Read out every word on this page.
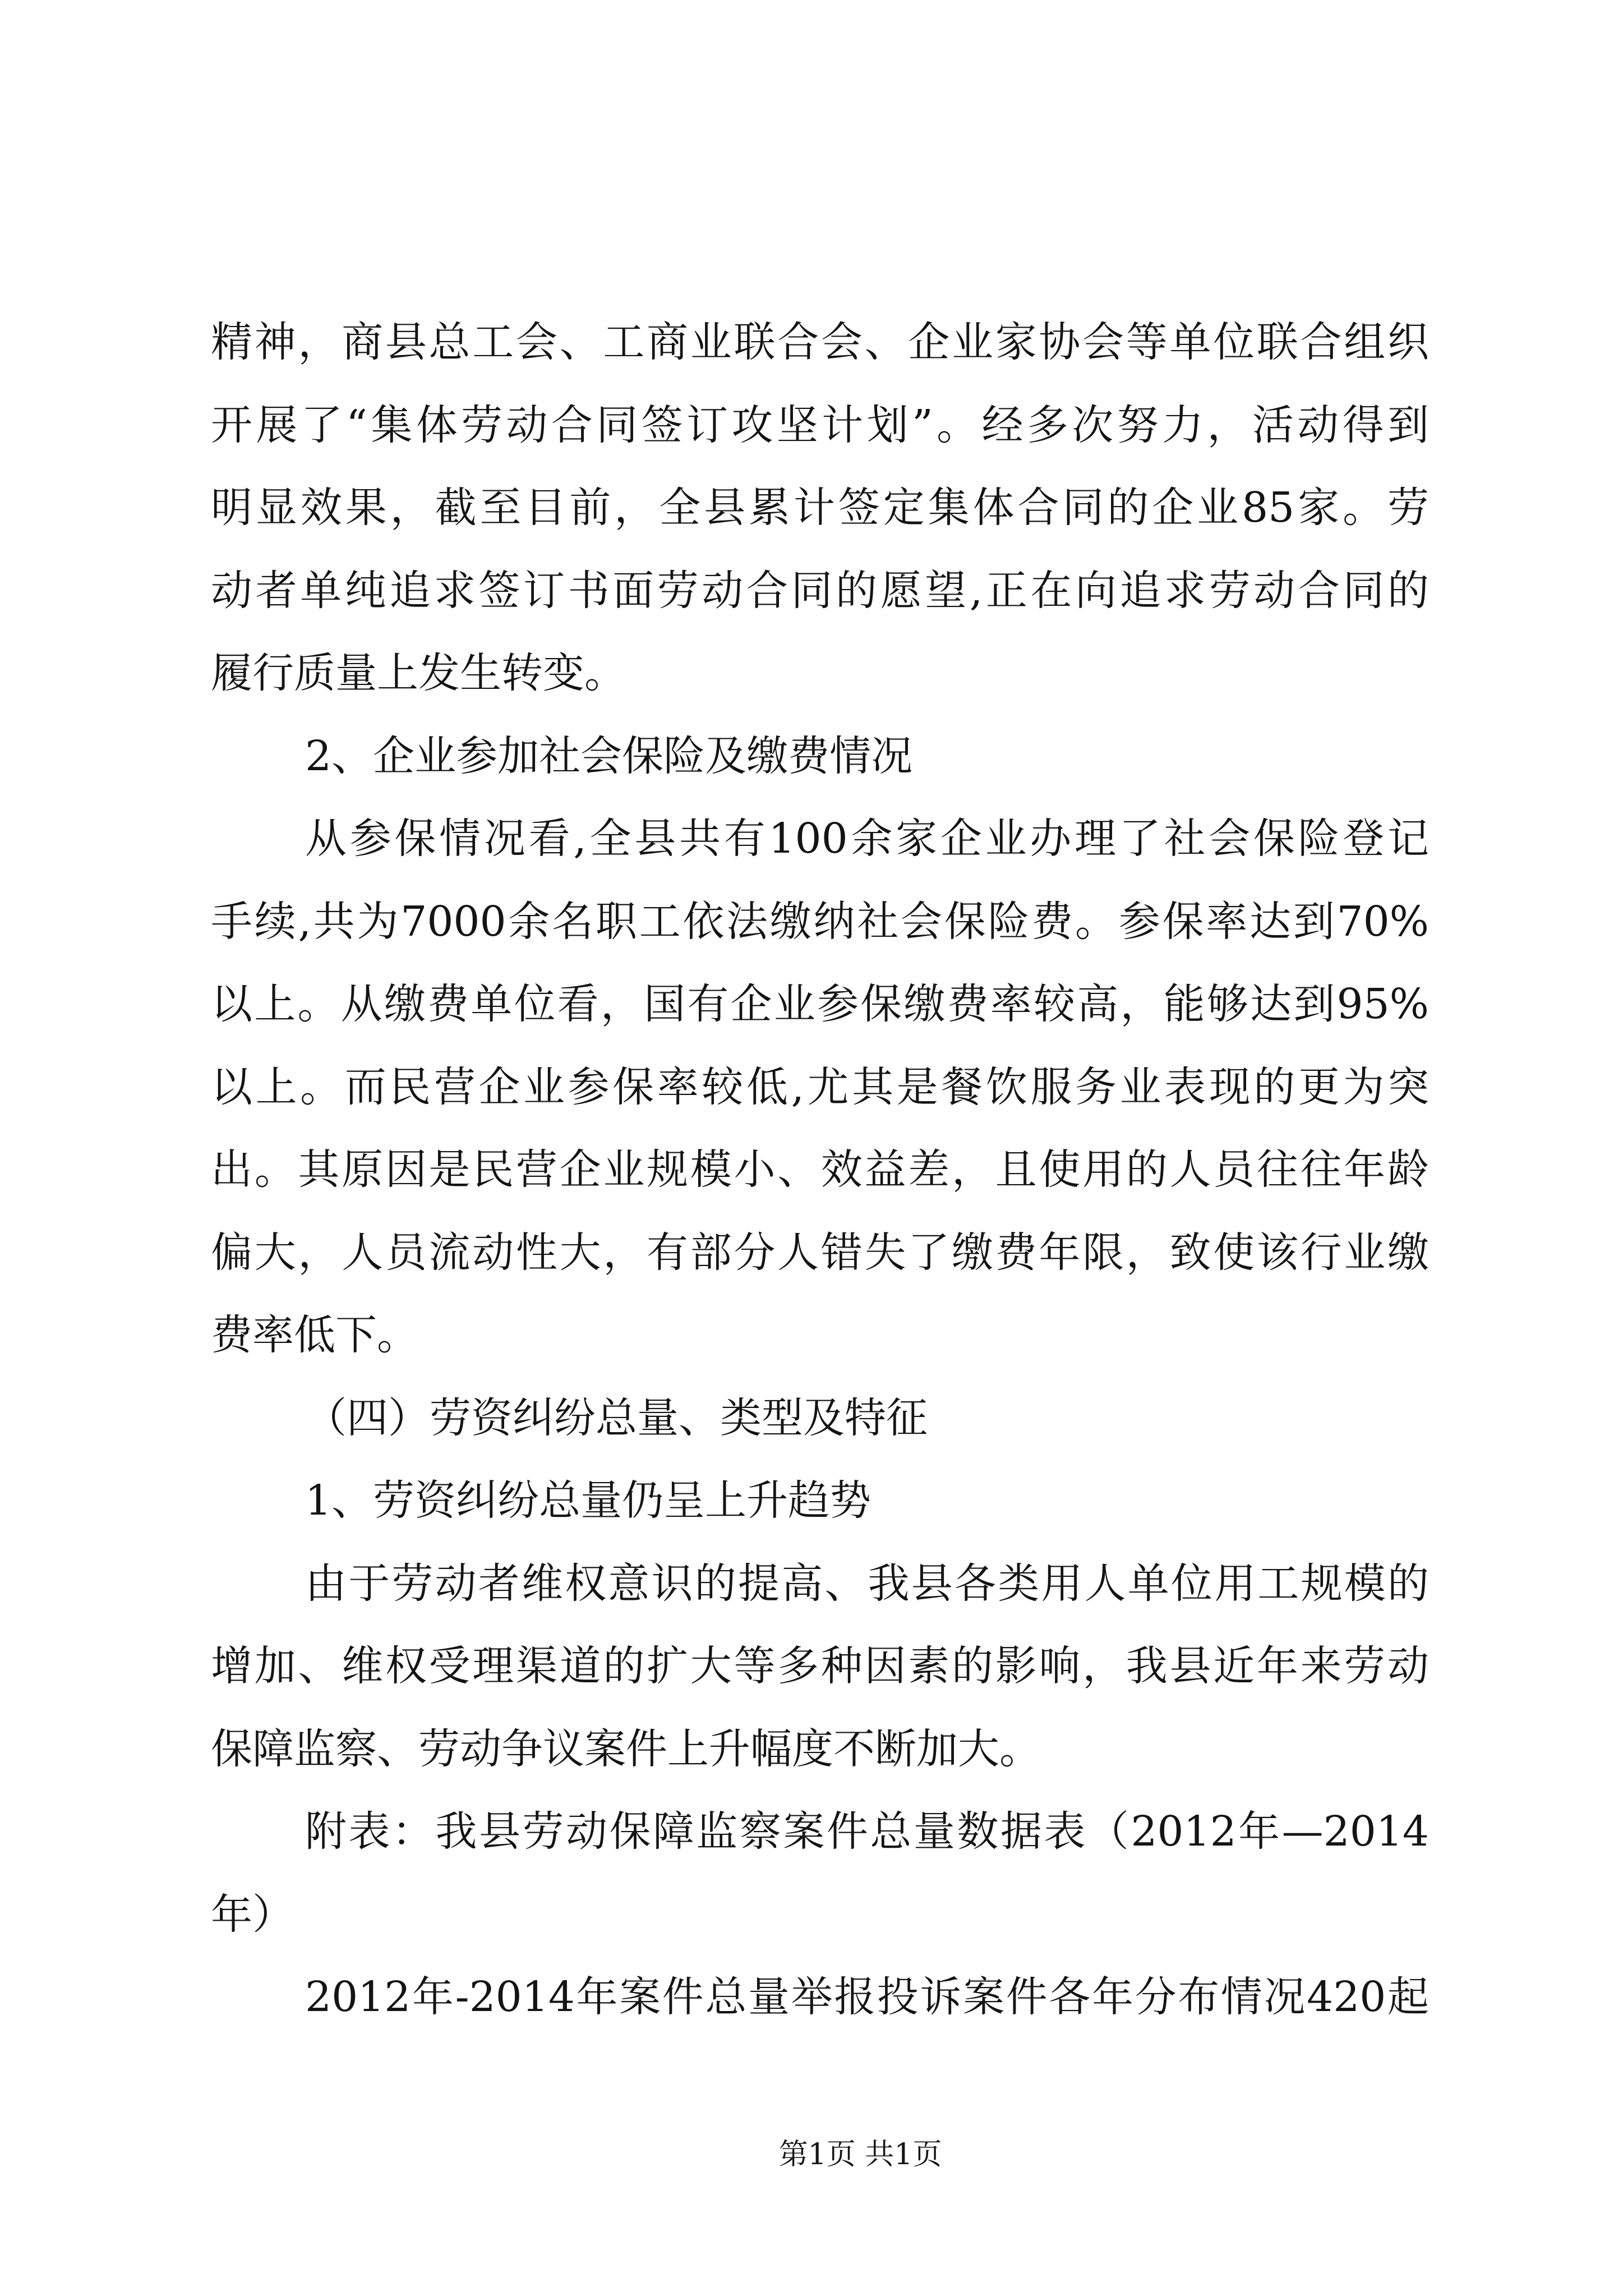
精神，商县总工会、工商业联合会、企业家协会等单位联合组织
开展了“集体劳动合同签订攻坚计划”。经多次努力，活动得到
明显效果，截至目前，全县累计签定集体合同的企业85家。劳
动者单纯追求签订书面劳动合同的愿望,正在向追求劳动合同的
履行质量上发生转变。
2、企业参加社会保险及缴费情况
从参保情况看,全县共有100余家企业办理了社会保险登记
手续,共为7000余名职工依法缴纳社会保险费。参保率达到70%
以上。从缴费单位看，国有企业参保缴费率较高，能够达到95%
以上。而民营企业参保率较低,尤其是餐饮服务业表现的更为突
出。其原因是民营企业规模小、效益差，且使用的人员往往年龄
偏大，人员流动性大，有部分人错失了缴费年限，致使该行业缴
费率低下。
（四）劳资纠纷总量、类型及特征
1、劳资纠纷总量仍呈上升趋势
由于劳动者维权意识的提高、我县各类用人单位用工规模的
增加、维权受理渠道的扩大等多种因素的影响，我县近年来劳动
保障监察、劳动争议案件上升幅度不断加大。
附表：我县劳动保障监察案件总量数据表（2012年—2014
年）
2012年-2014年案件总量举报投诉案件各年分布情况420起
第1页 共1页
